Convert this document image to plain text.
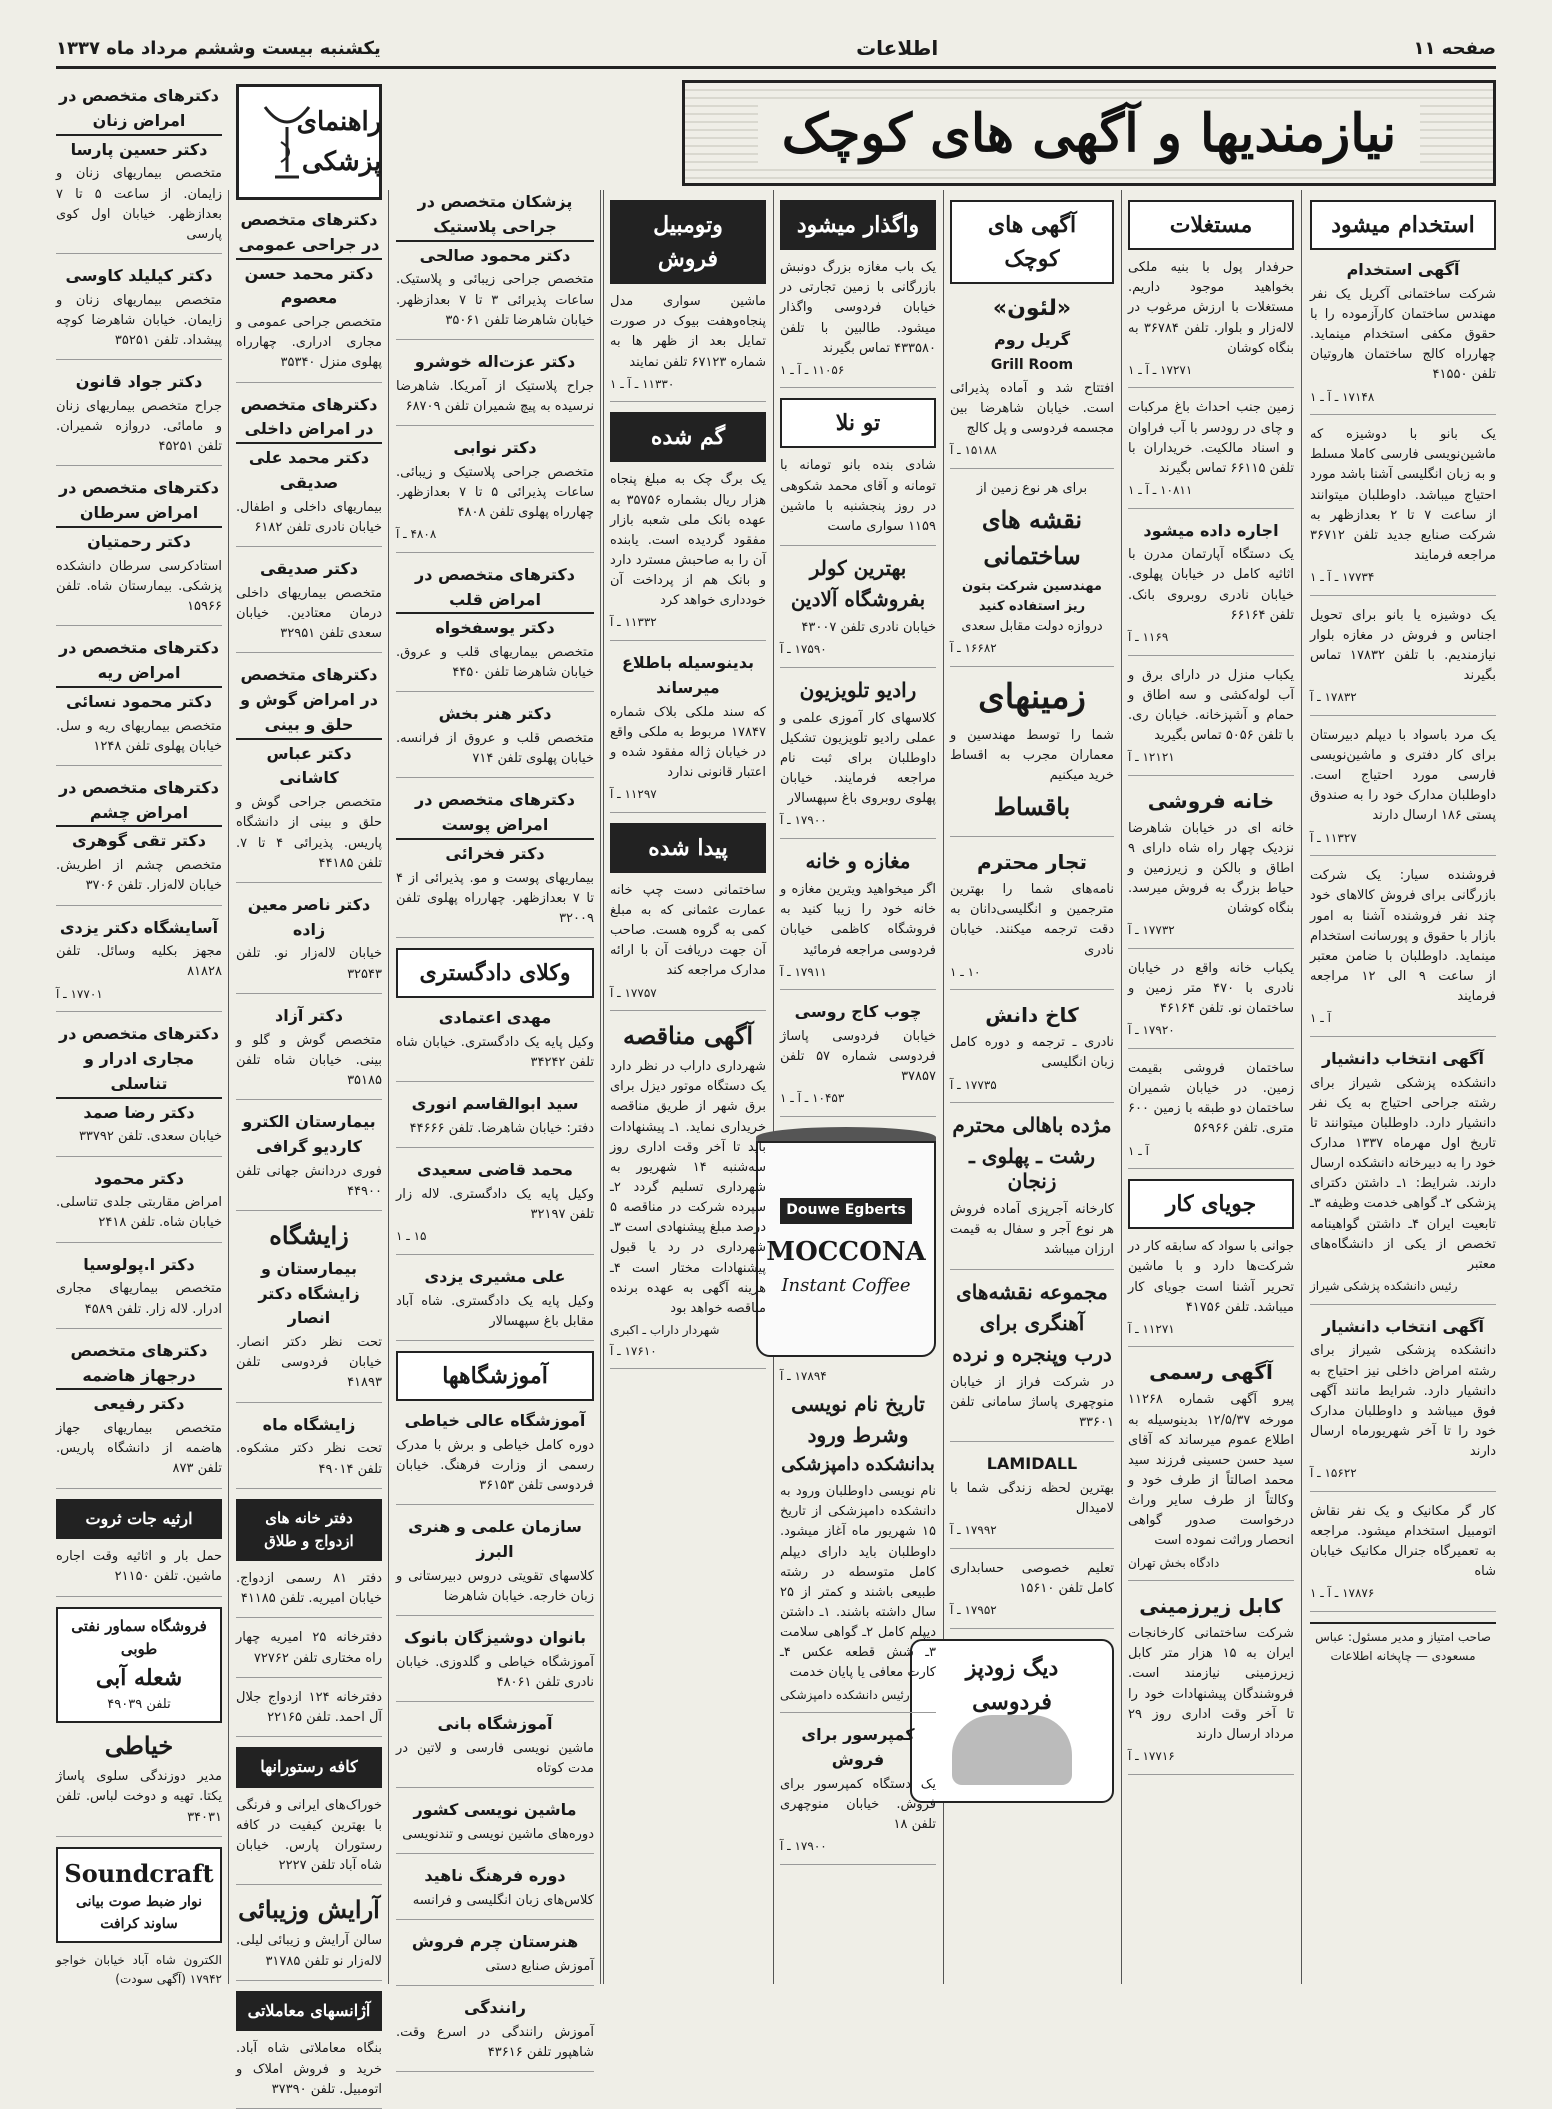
صفحه ۱۱
اطلاعات
یکشنبه بیست وششم مرداد ماه ۱۳۳۷
نیازمندیها و آگهی های کوچک
استخدام میشود
آگهی استخدام
شرکت ساختمانی آکریل یک نفر مهندس ساختمان کارآزموده را با حقوق مکفی استخدام مینماید. چهارراه کالج ساختمان هاروتیان تلفن ۴۱۵۵۰
۱۷۱۴۸ ـ آ ـ ۱
یک بانو با دوشیزه که ماشین‌نویسی فارسی کاملا مسلط و به زبان انگلیسی آشنا باشد مورد احتیاج میباشد. داوطلبان میتوانند از ساعت ۷ تا ۲ بعدازظهر به شرکت صنایع جدید تلفن ۳۶۷۱۲ مراجعه فرمایند
۱۷۷۳۴ ـ آ ـ ۱
یک دوشیزه یا بانو برای تحویل اجناس و فروش در مغازه بلوار نیازمندیم. با تلفن ۱۷۸۳۲ تماس بگیرند
۱۷۸۳۲ ـ آ
یک مرد باسواد با دیپلم دبیرستان برای کار دفتری و ماشین‌نویسی فارسی مورد احتیاج است. داوطلبان مدارک خود را به صندوق پستی ۱۸۶ ارسال دارند
۱۱۳۲۷ ـ آ
فروشنده سیار: یک شرکت بازرگانی برای فروش کالاهای خود چند نفر فروشنده آشنا به امور بازار با حقوق و پورسانت استخدام مینماید. داوطلبان با ضامن معتبر از ساعت ۹ الی ۱۲ مراجعه فرمایند
آ ـ ۱
آگهی انتخاب دانشیار
دانشکده پزشکی شیراز برای رشته جراحی احتیاج به یک نفر دانشیار دارد. داوطلبان میتوانند تا تاریخ اول مهرماه ۱۳۳۷ مدارک خود را به دبیرخانه دانشکده ارسال دارند. شرایط: ۱ـ داشتن دکترای پزشکی ۲ـ گواهی خدمت وظیفه ۳ـ تابعیت ایران ۴ـ داشتن گواهینامه تخصص از یکی از دانشگاه‌های معتبر
رئیس دانشکده پزشکی شیراز
آگهی انتخاب دانشیار
دانشکده پزشکی شیراز برای رشته امراض داخلی نیز احتیاج به دانشیار دارد. شرایط مانند آگهی فوق میباشد و داوطلبان مدارک خود را تا آخر شهریورماه ارسال دارند
۱۵۶۲۲ ـ آ
کار گر مکانیک و یک نفر نقاش اتومبیل استخدام میشود. مراجعه به تعمیرگاه جنرال مکانیک خیابان شاه
۱۷۸۷۶ ـ آ ـ ۱
صاحب امتیاز و مدیر مسئول: عباس مسعودی — چاپخانه اطلاعات
مستغلات
حرفدار پول با بنیه ملکی بخواهید موجود داریم. مستغلات با ارزش مرغوب در لاله‌زار و بلوار. تلفن ۳۶۷۸۴ به بنگاه کوشان
۱۷۲۷۱ ـ آ ـ ۱
زمین جنب احداث باغ مرکبات و چای در رودسر با آب فراوان و اسناد مالکیت. خریداران با تلفن ۶۶۱۱۵ تماس بگیرند
۱۰۸۱۱ ـ آ ـ ۱
اجاره داده میشود
یک دستگاه آپارتمان مدرن با اثاثیه کامل در خیابان پهلوی. خیابان نادری روبروی بانک. تلفن ۶۶۱۶۴
۱۱۶۹ ـ آ
یکباب منزل در دارای برق و آب لوله‌کشی و سه اطاق و حمام و آشپزخانه. خیابان ری. با تلفن ۵۰۵۶ تماس بگیرید
۱۲۱۲۱ ـ آ
خانه فروشی
خانه ای در خیابان شاهرضا نزدیک چهار راه شاه دارای ۹ اطاق و بالکن و زیرزمین و حیاط بزرگ به فروش میرسد. بنگاه کوشان
۱۷۷۳۲ ـ آ
یکباب خانه واقع در خیابان نادری با ۴۷۰ متر زمین و ساختمان نو. تلفن ۴۶۱۶۴
۱۷۹۲۰ ـ آ
ساختمان فروشی بقیمت زمین. در خیابان شمیران ساختمان دو طبقه با زمین ۶۰۰ متری. تلفن ۵۶۹۶۶
آ ـ ۱
جویای کار
جوانی با سواد که سابقه کار در شرکت‌ها دارد و با ماشین تحریر آشنا است جویای کار میباشد. تلفن ۴۱۷۵۶
۱۱۲۷۱ ـ آ
آگهی رسمی
پیرو آگهی شماره ۱۱۲۶۸ مورخه ۱۲/۵/۳۷ بدینوسیله به اطلاع عموم میرساند که آقای سید حسن حسینی فرزند سید محمد اصالتاً از طرف خود و وکالتاً از طرف سایر وراث درخواست صدور گواهی انحصار وراثت نموده است
دادگاه بخش تهران
کابل زیرزمینی
شرکت ساختمانی کارخانجات ایران به ۱۵ هزار متر کابل زیرزمینی نیازمند است. فروشندگان پیشنهادات خود را تا آخر وقت اداری روز ۲۹ مرداد ارسال دارند
۱۷۷۱۶ ـ آ
آگهی های کوچک
«لئون»
گریل روم
Grill Room
افتتاح شد و آماده پذیرائی است. خیابان شاهرضا بین مجسمه فردوسی و پل کالج
۱۵۱۸۸ ـ آ
برای هر نوع زمین از
نقشه های
ساختمانی
مهندسین شرکت بتون ریز استفاده کنید
دروازه دولت مقابل سعدی
۱۶۶۸۲ ـ آ
زمینهای
شما را توسط مهندسین و معماران مجرب به اقساط خرید میکنیم
باقساط
تجار محترم
نامه‌های شما را بهترین مترجمین و انگلیسی‌دانان به دقت ترجمه میکنند. خیابان نادری
۱۰ ـ ۱
کاخ دانش
نادری ـ ترجمه و دوره کامل زبان انگلیسی
۱۷۷۳۵ ـ آ
مژده باهالی محترم
رشت ـ پهلوی ـ زنجان
کارخانه آجرپزی آماده فروش هر نوع آجر و سفال به قیمت ارزان میباشد
مجموعه نقشه‌های
آهنگری برای
درب وپنجره و نرده
در شرکت فراز از خیابان منوچهری پاساژ سامانی تلفن ۳۳۶۰۱
LAMIDALL
بهترین لحظه زندگی شما با لامیدال
۱۷۹۹۲ ـ آ
تعلیم خصوصی حسابداری کامل تلفن ۱۵۶۱۰
۱۷۹۵۲ ـ آ
دیگ زودپز
فردوسی
واگذار میشود
یک باب مغازه بزرگ دونبش بازرگانی با زمین تجارتی در خیابان فردوسی واگذار میشود. طالبین با تلفن ۴۳۳۵۸۰ تماس بگیرند
۱۱۰۵۶ ـ آ ـ ۱
تو نلا
شادی بنده بانو تومانه با تومانه و آقای محمد شکوهی در روز پنجشنبه با ماشین ۱۱۵۹ سواری ماست
بهترین کولر
بفروشگاه آلادین
خیابان نادری تلفن ۴۳۰۰۷
۱۷۵۹۰ ـ آ
رادیو تلویزیون
کلاسهای کار آموزی علمی و عملی رادیو تلویزیون تشکیل داوطلبان برای ثبت نام مراجعه فرمایند. خیابان پهلوی روبروی باغ سپهسالار
۱۷۹۰۰ ـ آ
مغازه و خانه
اگر میخواهید ویترین مغازه و خانه خود را زیبا کنید به فروشگاه کاظمی خیابان فردوسی مراجعه فرمائید
۱۷۹۱۱ ـ آ
چوب کاج روسی
خیابان فردوسی پاساژ فردوسی شماره ۵۷ تلفن ۳۷۸۵۷
۱۰۴۵۳ ـ آ ـ ۱
Douwe Egberts
MOCCONA
Instant Coffee
۱۷۸۹۴ ـ آ
تاریخ نام نویسی
وشرط ورود
بدانشکده دامپزشکی
نام نویسی داوطلبان ورود به دانشکده دامپزشکی از تاریخ ۱۵ شهریور ماه آغاز میشود. داوطلبان باید دارای دیپلم کامل متوسطه در رشته طبیعی باشند و کمتر از ۲۵ سال داشته باشند. ۱ـ داشتن دیپلم کامل ۲ـ گواهی سلامت ۳ـ شش قطعه عکس ۴ـ کارت معافی یا پایان خدمت
رئیس دانشکده دامپزشکی
کمپرسور برای فروش
یک دستگاه کمپرسور برای فروش. خیابان منوچهری تلفن ۱۸
۱۷۹۰۰ ـ آ
وتومبیل فروش
ماشین سواری مدل پنجاه‌وهفت بیوک در صورت تمایل بعد از ظهر ها به شماره ۶۷۱۲۳ تلفن نمایند
۱۱۳۳۰ ـ آ ـ ۱
گم شده
یک برگ چک به مبلغ پنجاه هزار ریال بشماره ۳۵۷۵۶ به عهده بانک ملی شعبه بازار مفقود گردیده است. یابنده آن را به صاحبش مسترد دارد و بانک هم از پرداخت آن خودداری خواهد کرد
۱۱۳۳۲ ـ آ
بدینوسیله باطلاع میرساند
که سند ملکی بلاک شماره ۱۷۸۴۷ مربوط به ملکی واقع در خیابان ژاله مفقود شده و اعتبار قانونی ندارد
۱۱۲۹۷ ـ آ
پیدا شده
ساختمانی دست چپ خانه عمارت عثمانی که به مبلغ کمی به گروه هست. صاحب آن جهت دریافت آن با ارائه مدارک مراجعه کند
۱۷۷۵۷ ـ آ
آگهی مناقصه
شهرداری داراب در نظر دارد یک دستگاه موتور دیزل برای برق شهر از طریق مناقصه خریداری نماید. ۱ـ پیشنهادات باید تا آخر وقت اداری روز سه‌شنبه ۱۴ شهریور به شهرداری تسلیم گردد ۲ـ سپرده شرکت در مناقصه ۵ درصد مبلغ پیشنهادی است ۳ـ شهرداری در رد یا قبول پیشنهادات مختار است ۴ـ هزینه آگهی به عهده برنده مناقصه خواهد بود
شهردار داراب ـ اکبری
۱۷۶۱۰ ـ آ
پزشکان متخصص در جراحی پلاستیک
دکتر محمود صالحی
متخصص جراحی زیبائی و پلاستیک. ساعات پذیرائی ۳ تا ۷ بعدازظهر. خیابان شاهرضا تلفن ۳۵۰۶۱
دکتر عزت‌اله خوشرو
جراح پلاستیک از آمریکا. شاهرضا نرسیده به پیچ شمیران تلفن ۶۸۷۰۹
دکتر نوابی
متخصص جراحی پلاستیک و زیبائی. ساعات پذیرائی ۵ تا ۷ بعدازظهر. چهارراه پهلوی تلفن ۴۸۰۸
۴۸۰۸ ـ آ
دکترهای متخصص در امراض قلب
دکتر یوسفخواه
متخصص بیماریهای قلب و عروق. خیابان شاهرضا تلفن ۴۴۵۰
دکتر هنر بخش
متخصص قلب و عروق از فرانسه. خیابان پهلوی تلفن ۷۱۴
دکترهای متخصص در امراض پوست
دکتر فخرائی
بیماریهای پوست و مو. پذیرائی از ۴ تا ۷ بعدازظهر. چهارراه پهلوی تلفن ۳۲۰۰۹
وکلای دادگستری
مهدی اعتمادی
وکیل پایه یک دادگستری. خیابان شاه تلفن ۳۴۲۴۲
سید ابوالقاسم انوری
دفتر: خیابان شاهرضا. تلفن ۴۴۶۶۶
محمد قاضی سعیدی
وکیل پایه یک دادگستری. لاله زار تلفن ۳۲۱۹۷
۱۵ ـ ۱
علی مشیری یزدی
وکیل پایه یک دادگستری. شاه آباد مقابل باغ سپهسالار
آموزشگاهها
آموزشگاه عالی خیاطی
دوره کامل خیاطی و برش با مدرک رسمی از وزارت فرهنگ. خیابان فردوسی تلفن ۳۶۱۵۳
سازمان علمی و هنری البرز
کلاسهای تقویتی دروس دبیرستانی و زبان خارجه. خیابان شاهرضا
بانوان دوشیزگان بانوک
آموزشگاه خیاطی و گلدوزی. خیابان نادری تلفن ۴۸۰۶۱
آموزشگاه بانی
ماشین نویسی فارسی و لاتین در مدت کوتاه
ماشین نویسی کشور
دوره‌های ماشین نویسی و تندنویسی
دوره فرهنگ ناهید
کلاس‌های زبان انگلیسی و فرانسه
هنرستان چرم فروش
آموزش صنایع دستی
رانندگی
آموزش رانندگی در اسرع وقت. شاهپور تلفن ۴۳۶۱۶
راهنمای پزشکی
دکترهای متخصص در جراحی عمومی
دکتر محمد حسن معصوم
متخصص جراحی عمومی و مجاری ادراری. چهارراه پهلوی منزل ۳۵۳۴۰
دکترهای متخصص در امراض داخلی
دکتر محمد علی صدیقی
بیماریهای داخلی و اطفال. خیابان نادری تلفن ۶۱۸۲
دکتر صدیقی
متخصص بیماریهای داخلی درمان معتادین. خیابان سعدی تلفن ۳۲۹۵۱
دکترهای متخصص در امراض گوش و حلق و بینی
دکتر عباس کاشانی
متخصص جراحی گوش و حلق و بینی از دانشگاه پاریس. پذیرائی ۴ تا ۷. تلفن ۴۴۱۸۵
دکتر ناصر معین زاده
خیابان لاله‌زار نو. تلفن ۳۲۵۴۳
دکتر آزاد
متخصص گوش و گلو و بینی. خیابان شاه تلفن ۳۵۱۸۵
بیمارستان الکترو کاردیو گرافی
فوری دردانش جهانی تلفن ۴۴۹۰۰
زایشگاه
بیمارستان و زایشگاه دکتر انصار
تحت نظر دکتر انصار. خیابان فردوسی تلفن ۴۱۸۹۳
زایشگاه ماه
تحت نظر دکتر مشکوه. تلفن ۴۹۰۱۴
دفتر خانه های ازدواج و طلاق
دفتر ۸۱ رسمی ازدواج. خیابان امیریه. تلفن ۴۱۱۸۵
دفترخانه ۲۵ امیریه چهار راه مختاری تلفن ۷۲۷۶۲
دفترخانه ۱۲۴ ازدواج جلال آل احمد. تلفن ۲۲۱۶۵
کافه رستورانها
خوراک‌های ایرانی و فرنگی با بهترین کیفیت در کافه رستوران پارس. خیابان شاه آباد تلفن ۲۲۲۷
آرایش وزیبائی
سالن آرایش و زیبائی لیلی. لاله‌زار نو تلفن ۳۱۷۸۵
آژانسهای معاملاتی
بنگاه معاملاتی شاه آباد. خرید و فروش املاک و اتومبیل. تلفن ۳۷۳۹۰
دکترهای متخصص در امراض زنان
دکتر حسین پارسا
متخصص بیماریهای زنان و زایمان. از ساعت ۵ تا ۷ بعدازظهر. خیابان اول کوی پارسی
دکتر کیلیلد کاوسی
متخصص بیماریهای زنان و زایمان. خیابان شاهرضا کوچه پیشداد. تلفن ۳۵۲۵۱
دکتر جواد قانون
جراح متخصص بیماریهای زنان و مامائی. دروازه شمیران. تلفن ۴۵۲۵۱
دکترهای متخصص در امراض سرطان
دکتر رحمتیان
استادکرسی سرطان دانشکده پزشکی. بیمارستان شاه. تلفن ۱۵۹۶۶
دکترهای متخصص در امراض ریه
دکتر محمود نسائی
متخصص بیماریهای ریه و سل. خیابان پهلوی تلفن ۱۲۴۸
دکترهای متخصص در امراض چشم
دکتر تقی گوهری
متخصص چشم از اطریش. خیابان لاله‌زار. تلفن ۳۷۰۶
آسایشگاه دکتر یزدی
مجهز بکلیه وسائل. تلفن ۸۱۸۲۸
۱۷۷۰۱ ـ آ
دکترهای متخصص در مجاری ادرار و تناسلی
دکتر رضا صمد
خیابان سعدی. تلفن ۳۳۷۹۲
دکتر محمود
امراض مقاربتی جلدی تناسلی. خیابان شاه. تلفن ۲۴۱۸
دکتر ا.پولوسیا
متخصص بیماریهای مجاری ادرار. لاله زار. تلفن ۴۵۸۹
دکترهای متخصص درجهاز هاضمه
دکتر رفیعی
متخصص بیماریهای جهاز هاضمه از دانشگاه پاریس. تلفن ۸۷۳
ارثیه جات ثروت
حمل بار و اثاثیه وقت اجاره ماشین. تلفن ۲۱۱۵۰
فروشگاه سماور نفتی طوبی
شعله آبی
تلفن ۴۹۰۳۹
خیاطی
مدیر دوزندگی سلوی پاساژ یکتا. تهیه و دوخت لباس. تلفن ۳۴۰۳۱
Soundcraft
نوار ضبط صوت بیانی ساوند کرافت
الکترون شاه آباد خیابان خواجو ۱۷۹۴۲ (آگهی سودت)
